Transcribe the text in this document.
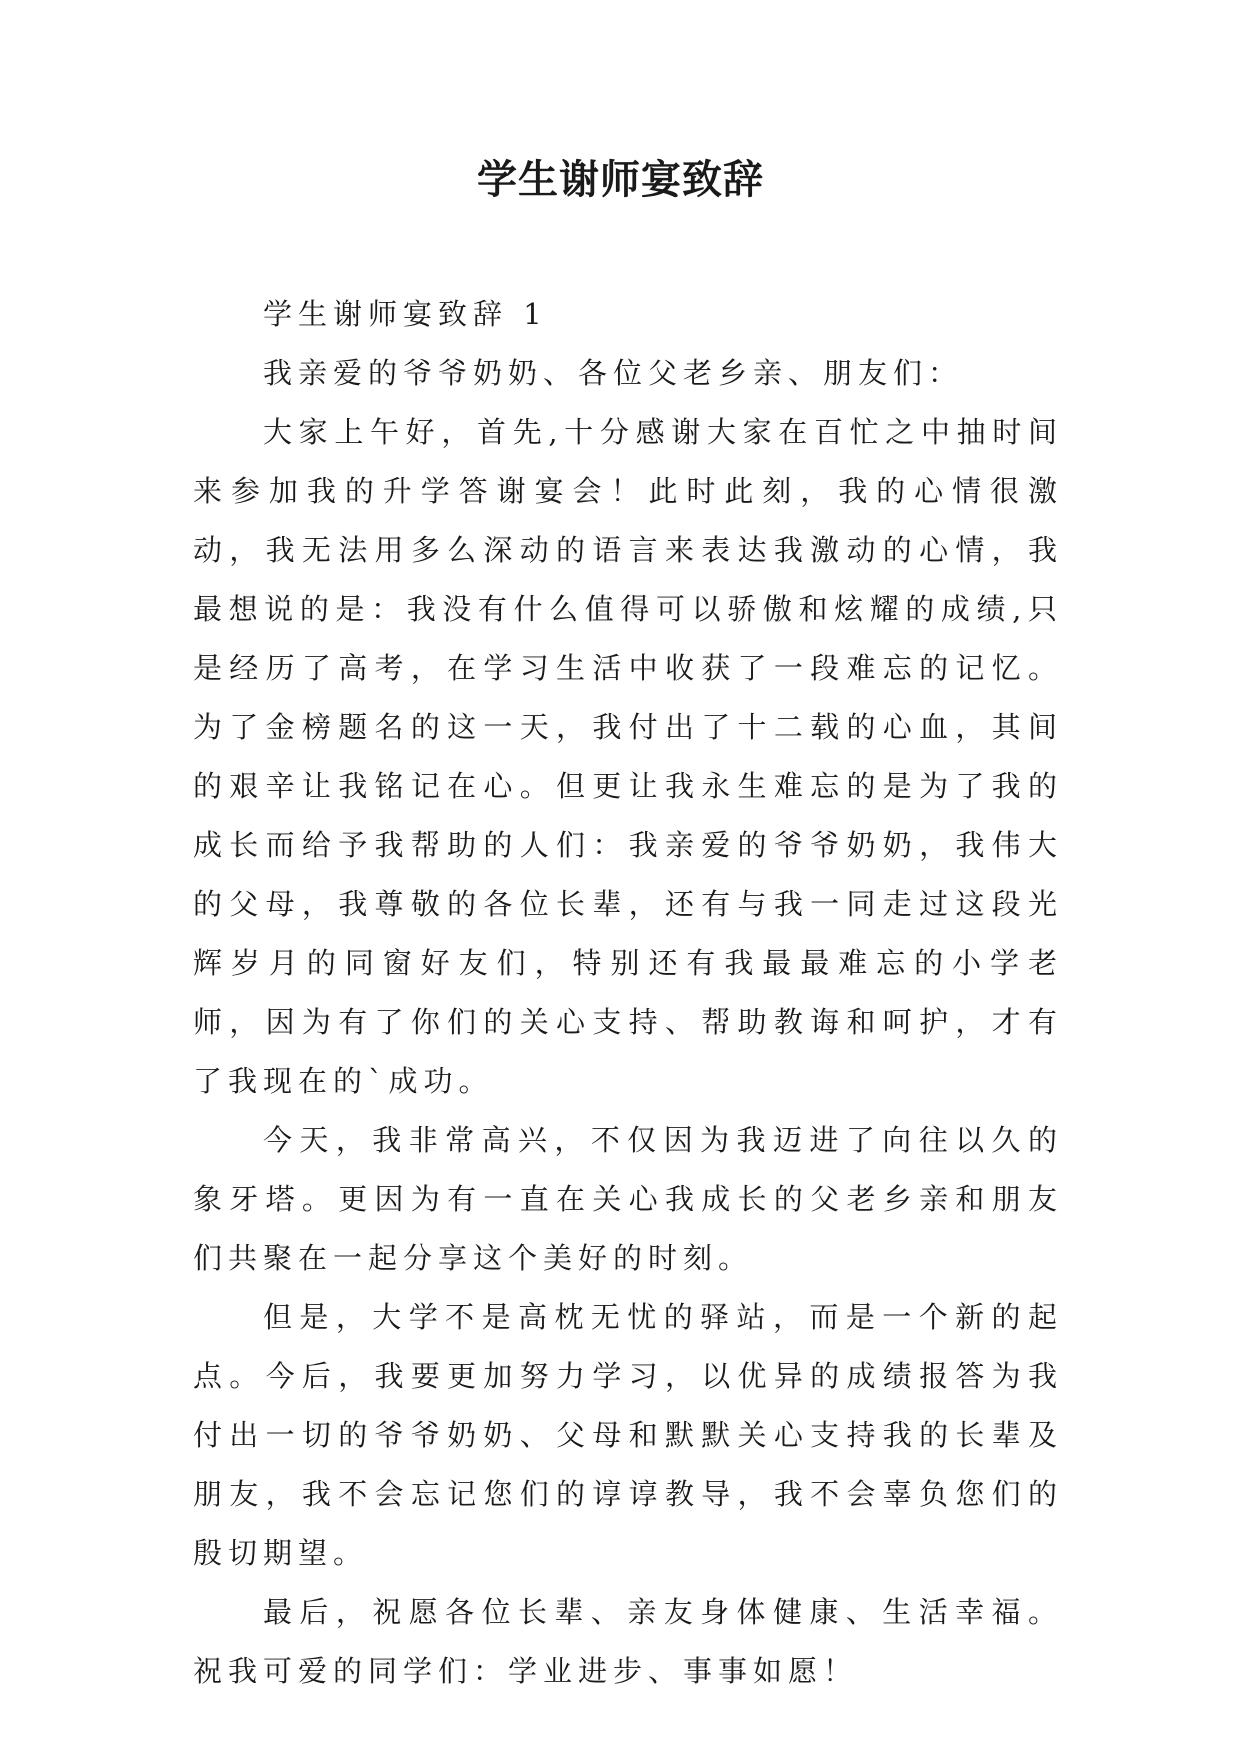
学生谢师宴致辞

学生谢师宴致辞 1

我亲爱的爷爷奶奶、各位父老乡亲、朋友们：

大家上午好，首先,十分感谢大家在百忙之中抽时间来参加我的升学答谢宴会！此时此刻，我的心情很激动，我无法用多么深动的语言来表达我激动的心情，我最想说的是：我没有什么值得可以骄傲和炫耀的成绩,只是经历了高考，在学习生活中收获了一段难忘的记忆。为了金榜题名的这一天，我付出了十二载的心血，其间的艰辛让我铭记在心。但更让我永生难忘的是为了我的成长而给予我帮助的人们：我亲爱的爷爷奶奶，我伟大的父母，我尊敬的各位长辈，还有与我一同走过这段光辉岁月的同窗好友们，特别还有我最最难忘的小学老师，因为有了你们的关心支持、帮助教诲和呵护，才有了我现在的`成功。

今天，我非常高兴，不仅因为我迈进了向往以久的象牙塔。更因为有一直在关心我成长的父老乡亲和朋友们共聚在一起分享这个美好的时刻。

但是，大学不是高枕无忧的驿站，而是一个新的起点。今后，我要更加努力学习，以优异的成绩报答为我付出一切的爷爷奶奶、父母和默默关心支持我的长辈及朋友，我不会忘记您们的谆谆教导，我不会辜负您们的殷切期望。

最后，祝愿各位长辈、亲友身体健康、生活幸福。祝我可爱的同学们：学业进步、事事如愿！
